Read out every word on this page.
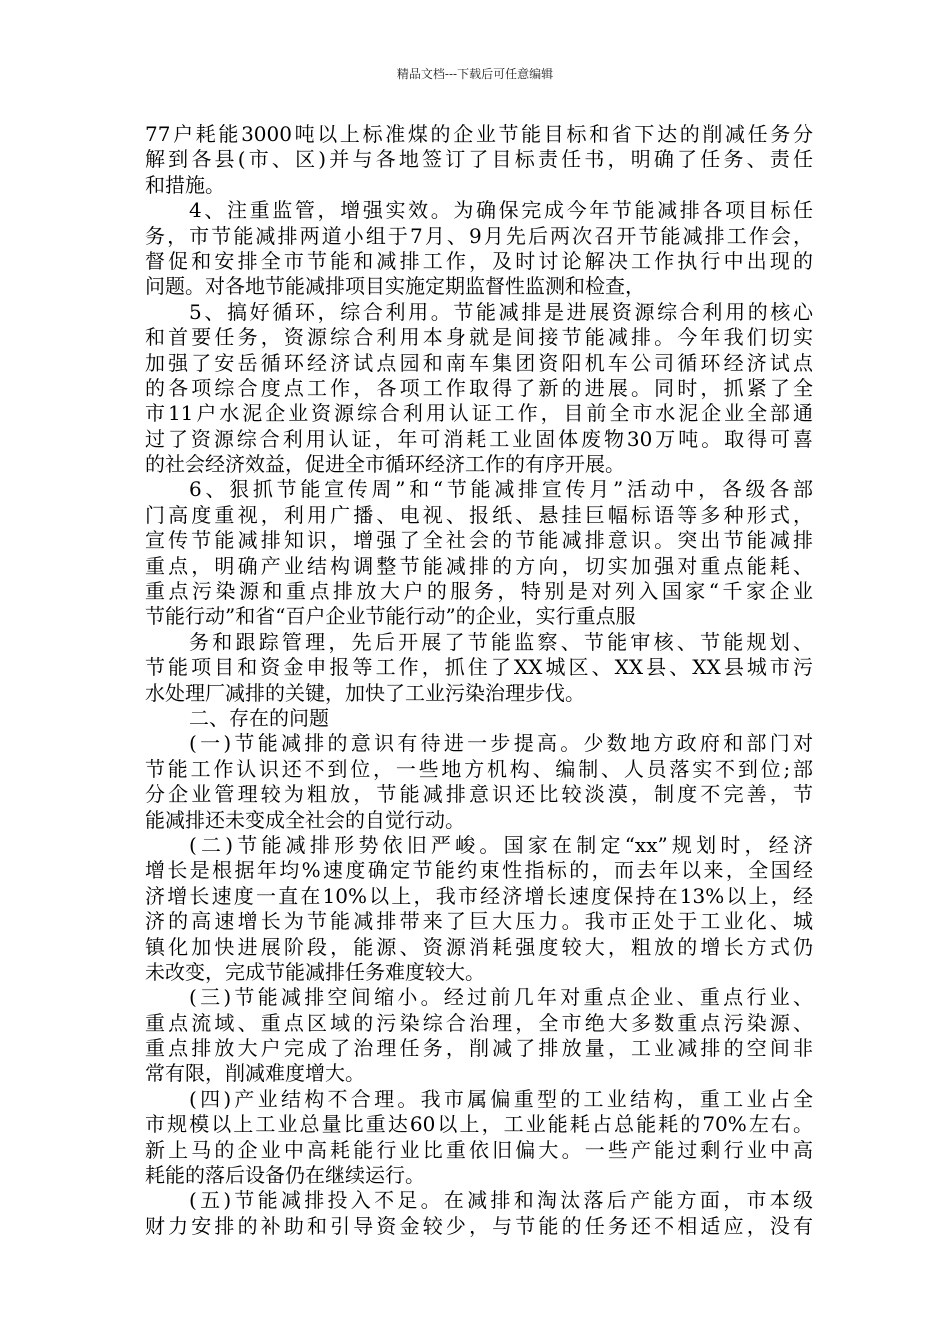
精品文档---下载后可任意编辑
77户耗能3000吨以上标准煤的企业节能目标和省下达的削减任务分
解到各县(市、区)并与各地签订了目标责任书，明确了任务、责任
和措施。
4、注重监管，增强实效。为确保完成今年节能减排各项目标任
务，市节能减排两道小组于7月、9月先后两次召开节能减排工作会，
督促和安排全市节能和减排工作，及时讨论解决工作执行中出现的
问题。对各地节能减排项目实施定期监督性监测和检查，
5、搞好循环，综合利用。节能减排是进展资源综合利用的核心
和首要任务，资源综合利用本身就是间接节能减排。今年我们切实
加强了安岳循环经济试点园和南车集团资阳机车公司循环经济试点
的各项综合度点工作，各项工作取得了新的进展。同时，抓紧了全
市11户水泥企业资源综合利用认证工作，目前全市水泥企业全部通
过了资源综合利用认证，年可消耗工业固体废物30万吨。取得可喜
的社会经济效益，促进全市循环经济工作的有序开展。
6、狠抓节能宣传周”和“节能减排宣传月”活动中，各级各部
门高度重视，利用广播、电视、报纸、悬挂巨幅标语等多种形式，
宣传节能减排知识，增强了全社会的节能减排意识。突出节能减排
重点，明确产业结构调整节能减排的方向，切实加强对重点能耗、
重点污染源和重点排放大户的服务，特别是对列入国家“千家企业
节能行动”和省“百户企业节能行动”的企业，实行重点服
务和跟踪管理，先后开展了节能监察、节能审核、节能规划、
节能项目和资金申报等工作，抓住了XX城区、XX县、XX县城市污
水处理厂减排的关键，加快了工业污染治理步伐。
二、存在的问题
(一)节能减排的意识有待进一步提高。少数地方政府和部门对
节能工作认识还不到位，一些地方机构、编制、人员落实不到位;部
分企业管理较为粗放，节能减排意识还比较淡漠，制度不完善，节
能减排还未变成全社会的自觉行动。
(二)节能减排形势依旧严峻。国家在制定“xx”规划时，经济
增长是根据年均%速度确定节能约束性指标的，而去年以来，全国经
济增长速度一直在10%以上，我市经济增长速度保持在13%以上，经
济的高速增长为节能减排带来了巨大压力。我市正处于工业化、城
镇化加快进展阶段，能源、资源消耗强度较大，粗放的增长方式仍
未改变，完成节能减排任务难度较大。
(三)节能减排空间缩小。经过前几年对重点企业、重点行业、
重点流域、重点区域的污染综合治理，全市绝大多数重点污染源、
重点排放大户完成了治理任务，削减了排放量，工业减排的空间非
常有限，削减难度增大。
(四)产业结构不合理。我市属偏重型的工业结构，重工业占全
市规模以上工业总量比重达60以上，工业能耗占总能耗的70%左右。
新上马的企业中高耗能行业比重依旧偏大。一些产能过剩行业中高
耗能的落后设备仍在继续运行。
(五)节能减排投入不足。在减排和淘汰落后产能方面，市本级
财力安排的补助和引导资金较少，与节能的任务还不相适应，没有
